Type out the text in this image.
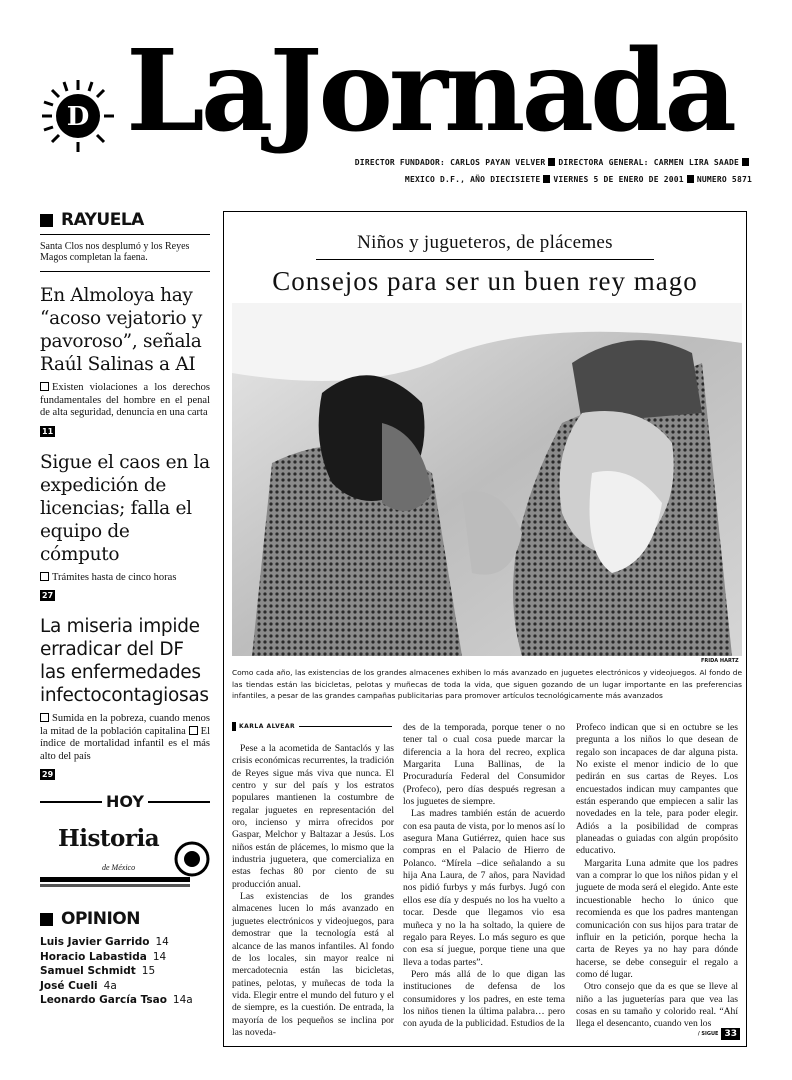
D LaJornada
DIRECTOR FUNDADOR: CARLOS PAYAN VELVER DIRECTORA GENERAL: CARMEN LIRA SAADE
MEXICO D.F., AÑO DIECISIETE VIERNES 5 DE ENERO DE 2001 NUMERO 5871
RAYUELA
Santa Clos nos desplumó y los Reyes Magos completan la faena.
En Almoloya hay “acoso vejatorio y pavoroso”, señala Raúl Salinas a AI
Existen violaciones a los derechos fundamentales del hombre en el penal de alta seguridad, denuncia en una carta
11
Sigue el caos en la expedición de licencias; falla el equipo de cómputo
Trámites hasta de cinco horas
27
La miseria impide erradicar del DF las enfermedades infectocontagiosas
Sumida en la pobreza, cuando menos la mitad de la población capitalina El índice de mortalidad infantil es el más alto del país
29
HOY
Historia
de México
OPINION
Luis Javier Garrido 14
Horacio Labastida 14
Samuel Schmidt 15
José Cueli 4a
Leonardo García Tsao 14a
Niños y jugueteros, de plácemes
Consejos para ser un buen rey mago
FRIDA HARTZ
Como cada año, las existencias de los grandes almacenes exhiben lo más avanzado en juguetes electrónicos y videojuegos. Al fondo de las tiendas están las bicicletas, pelotas y muñecas de toda la vida, que siguen gozando de un lugar importante en las preferencias infantiles, a pesar de las grandes campañas publicitarias para promover artículos tecnológicamente más avanzados
KARLA ALVEAR

Pese a la acometida de Santaclós y las crisis económicas recurrentes, la tradición de Reyes sigue más viva que nunca. El centro y sur del país y los estratos populares mantienen la costumbre de regalar juguetes en representación del oro, incienso y mirra ofrecidos por Gaspar, Melchor y Baltazar a Jesús. Los niños están de plácemes, lo mismo que la industria juguetera, que comercializa en estas fechas 80 por ciento de su producción anual.

Las existencias de los grandes almacenes lucen lo más avanzado en juguetes electrónicos y videojuegos, para demostrar que la tecnología está al alcance de las manos infantiles. Al fondo de los locales, sin mayor realce ni mercadotecnia están las bicicletas, patines, pelotas, y muñecas de toda la vida. Elegir entre el mundo del futuro y el de siempre, es la cuestión. De entrada, la mayoría de los pequeños se inclina por las noveda-

des de la temporada, porque tener o no tener tal o cual cosa puede marcar la diferencia a la hora del recreo, explica Margarita Luna Ballinas, de la Procuraduría Federal del Consumidor (Profeco), pero días después regresan a los juguetes de siempre.

Las madres también están de acuerdo con esa pauta de vista, por lo menos así lo asegura Mana Gutiérrez, quien hace sus compras en el Palacio de Hierro de Polanco. “Mírela –dice señalando a su hija Ana Laura, de 7 años, para Navidad nos pidió furbys y más furbys. Jugó con ellos ese día y después no los ha vuelto a tocar. Desde que llegamos vio esa muñeca y no la ha soltado, la quiere de regalo para Reyes. Lo más seguro es que con esa sí juegue, porque tiene una que lleva a todas partes”.

Pero más allá de lo que digan las instituciones de defensa de los consumidores y los padres, en este tema los niños tienen la última palabra… pero con ayuda de la publicidad. Estudios de la

Profeco indican que si en octubre se les pregunta a los niños lo que desean de regalo son incapaces de dar alguna pista. No existe el menor indicio de lo que pedirán en sus cartas de Reyes. Los encuestados indican muy campantes que están esperando que empiecen a salir las novedades en la tele, para poder elegir. Adiós a la posibilidad de compras planeadas o guiadas con algún propósito educativo.

Margarita Luna admite que los padres van a comprar lo que los niños pidan y el juguete de moda será el elegido. Ante este incuestionable hecho lo único que recomienda es que los padres mantengan comunicación con sus hijos para tratar de influir en la petición, porque hecha la carta de Reyes ya no hay para dónde hacerse, se debe conseguir el regalo a como dé lugar.

Otro consejo que da es que se lleve al niño a las jugueterías para que vea las cosas en su tamaño y colorido real. “Ahí llega el desencanto, cuando ven los

/ SIGUE 33
